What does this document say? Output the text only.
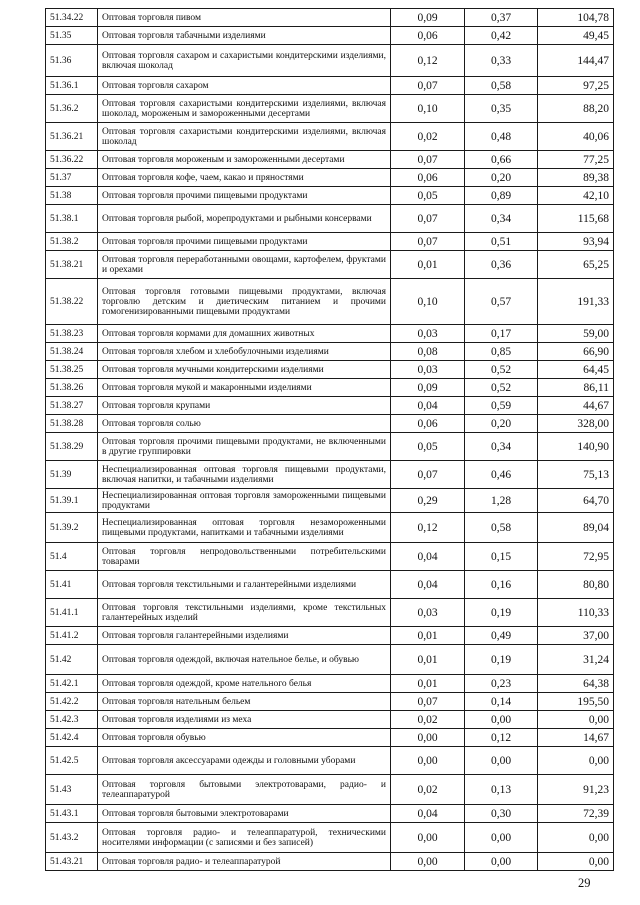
51.34.22	Оптовая торговля пивом	0,09	0,37	104,78
51.35	Оптовая торговля табачными изделиями	0,06	0,42	49,45
51.36	Оптовая торговля сахаром и сахаристыми кондитерскими изделиями, включая шоколад	0,12	0,33	144,47
51.36.1	Оптовая торговля сахаром	0,07	0,58	97,25
51.36.2	Оптовая торговля сахаристыми кондитерскими изделиями, включая шоколад, мороженым и замороженными десертами	0,10	0,35	88,20
51.36.21	Оптовая торговля сахаристыми кондитерскими изделиями, включая шоколад	0,02	0,48	40,06
51.36.22	Оптовая торговля мороженым и замороженными десертами	0,07	0,66	77,25
51.37	Оптовая торговля кофе, чаем, какао и пряностями	0,06	0,20	89,38
51.38	Оптовая торговля прочими пищевыми продуктами	0,05	0,89	42,10
51.38.1	Оптовая торговля рыбой, морепродуктами и рыбными консервами	0,07	0,34	115,68
51.38.2	Оптовая торговля прочими пищевыми продуктами	0,07	0,51	93,94
51.38.21	Оптовая торговля переработанными овощами, картофелем, фруктами и орехами	0,01	0,36	65,25
51.38.22	Оптовая торговля готовыми пищевыми продуктами, включая торговлю детским и диетическим питанием и прочими гомогенизированными пищевыми продуктами	0,10	0,57	191,33
51.38.23	Оптовая торговля кормами для домашних животных	0,03	0,17	59,00
51.38.24	Оптовая торговля хлебом и хлебобулочными изделиями	0,08	0,85	66,90
51.38.25	Оптовая торговля мучными кондитерскими изделиями	0,03	0,52	64,45
51.38.26	Оптовая торговля мукой и макаронными изделиями	0,09	0,52	86,11
51.38.27	Оптовая торговля крупами	0,04	0,59	44,67
51.38.28	Оптовая торговля солью	0,06	0,20	328,00
51.38.29	Оптовая торговля прочими пищевыми продуктами, не включенными в другие группировки	0,05	0,34	140,90
51.39	Неспециализированная оптовая торговля пищевыми продуктами, включая напитки, и табачными изделиями	0,07	0,46	75,13
51.39.1	Неспециализированная оптовая торговля замороженными пищевыми продуктами	0,29	1,28	64,70
51.39.2	Неспециализированная оптовая торговля незамороженными пищевыми продуктами, напитками и табачными изделиями	0,12	0,58	89,04
51.4	Оптовая торговля непродовольственными потребительскими товарами	0,04	0,15	72,95
51.41	Оптовая торговля текстильными и галантерейными изделиями	0,04	0,16	80,80
51.41.1	Оптовая торговля текстильными изделиями, кроме текстильных галантерейных изделий	0,03	0,19	110,33
51.41.2	Оптовая торговля галантерейными изделиями	0,01	0,49	37,00
51.42	Оптовая торговля одеждой, включая нательное белье, и обувью	0,01	0,19	31,24
51.42.1	Оптовая торговля одеждой, кроме нательного белья	0,01	0,23	64,38
51.42.2	Оптовая торговля нательным бельем	0,07	0,14	195,50
51.42.3	Оптовая торговля изделиями из меха	0,02	0,00	0,00
51.42.4	Оптовая торговля обувью	0,00	0,12	14,67
51.42.5	Оптовая торговля аксессуарами одежды и головными уборами	0,00	0,00	0,00
51.43	Оптовая торговля бытовыми электротоварами, радио- и телеаппаратурой	0,02	0,13	91,23
51.43.1	Оптовая торговля бытовыми электротоварами	0,04	0,30	72,39
51.43.2	Оптовая торговля радио- и телеаппаратурой, техническими носителями информации (с записями и без записей)	0,00	0,00	0,00
51.43.21	Оптовая торговля радио- и телеаппаратурой	0,00	0,00	0,00
29
